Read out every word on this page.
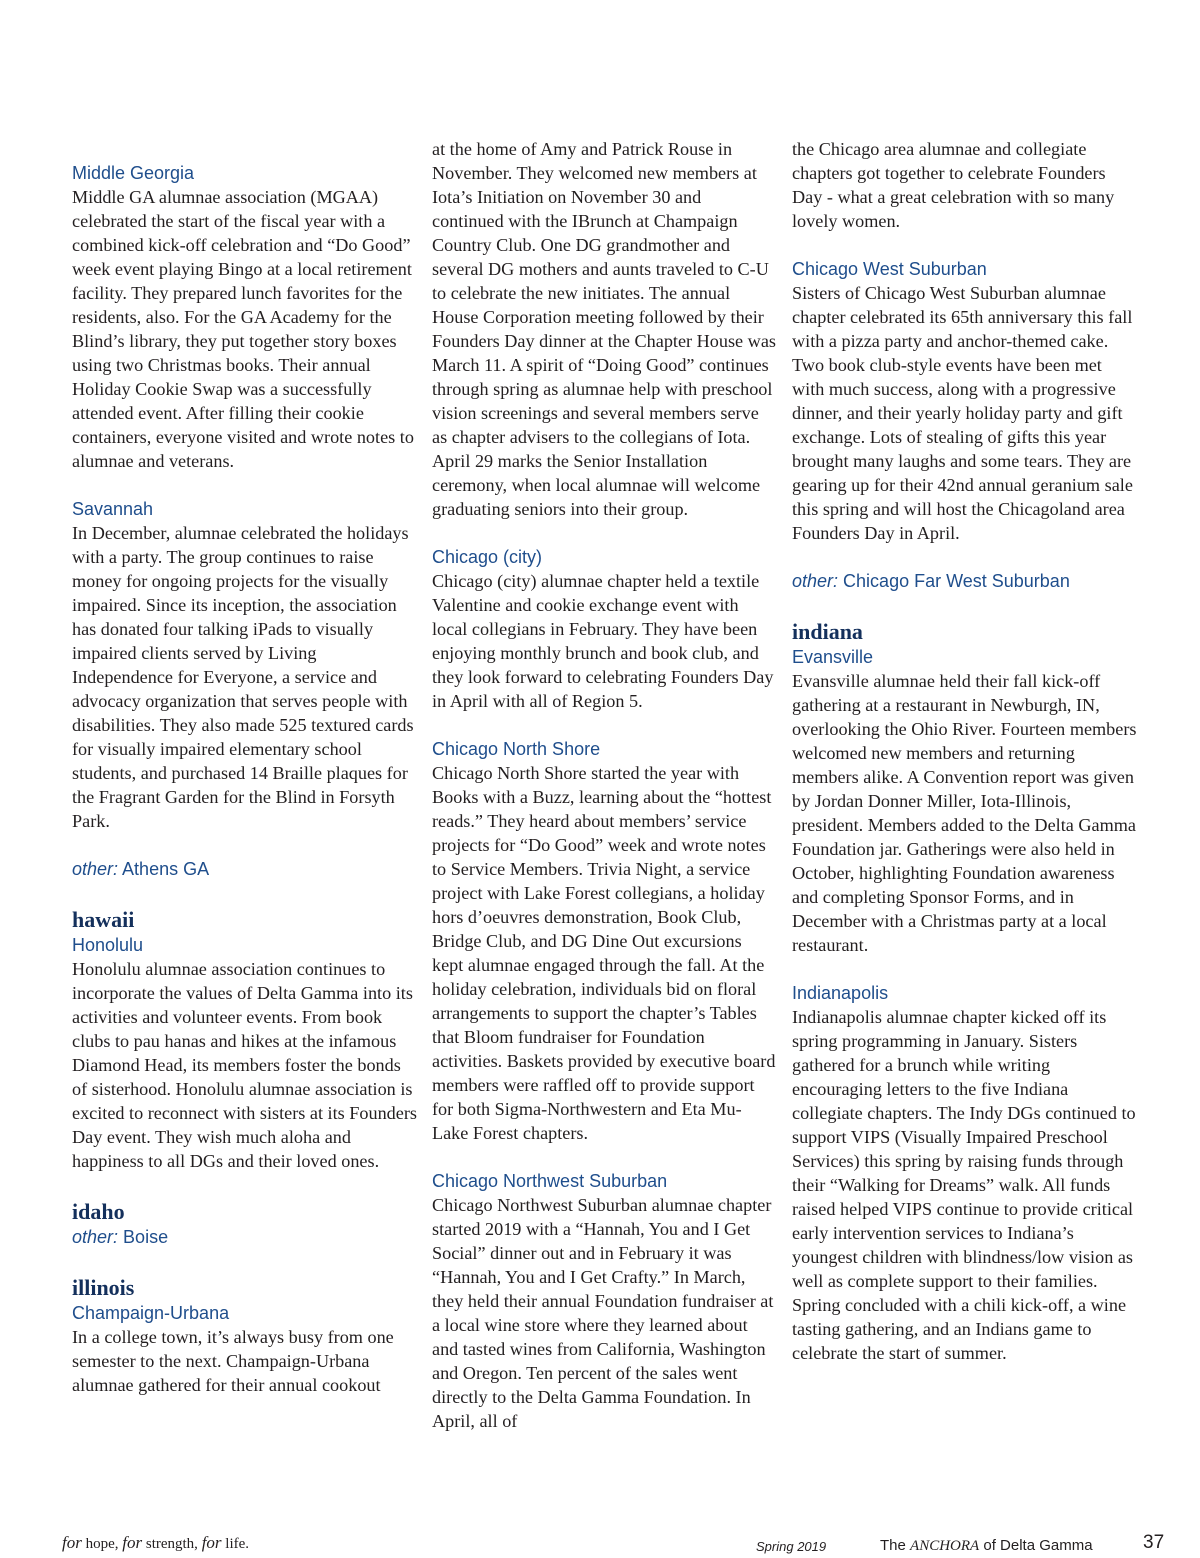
Middle Georgia

Middle GA alumnae association (MGAA) celebrated the start of the fiscal year with a combined kick-off celebration and “Do Good” week event playing Bingo at a local retirement facility. They prepared lunch favorites for the residents, also. For the GA Academy for the Blind’s library, they put together story boxes using two Christmas books. Their annual Holiday Cookie Swap was a successfully attended event. After filling their cookie containers, everyone visited and wrote notes to alumnae and veterans.

Savannah

In December, alumnae celebrated the holidays with a party. The group continues to raise money for ongoing projects for the visually impaired. Since its inception, the association has donated four talking iPads to visually impaired clients served by Living Independence for Everyone, a service and advocacy organization that serves people with disabilities. They also made 525 textured cards for visually impaired elementary school students, and purchased 14 Braille plaques for the Fragrant Garden for the Blind in Forsyth Park.

other: Athens GA
hawaii
Honolulu

Honolulu alumnae association continues to incorporate the values of Delta Gamma into its activities and volunteer events. From book clubs to pau hanas and hikes at the infamous Diamond Head, its members foster the bonds of sisterhood. Honolulu alumnae association is excited to reconnect with sisters at its Founders Day event. They wish much aloha and happiness to all DGs and their loved ones.

idaho
other: Boise
illinois
Champaign-Urbana

In a college town, it’s always busy from one semester to the next. Champaign-Urbana alumnae gathered for their annual cookout

at the home of Amy and Patrick Rouse in November. They welcomed new members at Iota’s Initiation on November 30 and continued with the IBrunch at Champaign Country Club. One DG grandmother and several DG mothers and aunts traveled to C-U to celebrate the new initiates. The annual House Corporation meeting followed by their Founders Day dinner at the Chapter House was March 11. A spirit of “Doing Good” continues through spring as alumnae help with preschool vision screenings and several members serve as chapter advisers to the collegians of Iota. April 29 marks the Senior Installation ceremony, when local alumnae will welcome graduating seniors into their group.

Chicago (city)

Chicago (city) alumnae chapter held a textile Valentine and cookie exchange event with local collegians in February. They have been enjoying monthly brunch and book club, and they look forward to celebrating Founders Day in April with all of Region 5.

Chicago North Shore

Chicago North Shore started the year with Books with a Buzz, learning about the “hottest reads.” They heard about members’ service projects for “Do Good” week and wrote notes to Service Members. Trivia Night, a service project with Lake Forest collegians, a holiday hors d’oeuvres demonstration, Book Club, Bridge Club, and DG Dine Out excursions kept alumnae engaged through the fall. At the holiday celebration, individuals bid on floral arrangements to support the chapter’s Tables that Bloom fundraiser for Foundation activities. Baskets provided by executive board members were raffled off to provide support for both Sigma-Northwestern and Eta Mu-Lake Forest chapters.

Chicago Northwest Suburban

Chicago Northwest Suburban alumnae chapter started 2019 with a “Hannah, You and I Get Social” dinner out and in February it was “Hannah, You and I Get Crafty.” In March, they held their annual Foundation fundraiser at a local wine store where they learned about and tasted wines from California, Washington and Oregon. Ten percent of the sales went directly to the Delta Gamma Foundation. In April, all of

the Chicago area alumnae and collegiate chapters got together to celebrate Founders Day - what a great celebration with so many lovely women.

Chicago West Suburban

Sisters of Chicago West Suburban alumnae chapter celebrated its 65th anniversary this fall with a pizza party and anchor-themed cake. Two book club-style events have been met with much success, along with a progressive dinner, and their yearly holiday party and gift exchange. Lots of stealing of gifts this year brought many laughs and some tears. They are gearing up for their 42nd annual geranium sale this spring and will host the Chicagoland area Founders Day in April.

other: Chicago Far West Suburban
indiana
Evansville

Evansville alumnae held their fall kick-off gathering at a restaurant in Newburgh, IN, overlooking the Ohio River. Fourteen members welcomed new members and returning members alike. A Convention report was given by Jordan Donner Miller, Iota-Illinois, president. Members added to the Delta Gamma Foundation jar. Gatherings were also held in October, highlighting Foundation awareness and completing Sponsor Forms, and in December with a Christmas party at a local restaurant.

Indianapolis

Indianapolis alumnae chapter kicked off its spring programming in January. Sisters gathered for a brunch while writing encouraging letters to the five Indiana collegiate chapters. The Indy DGs continued to support VIPS (Visually Impaired Preschool Services) this spring by raising funds through their “Walking for Dreams” walk. All funds raised helped VIPS continue to provide critical early intervention services to Indiana’s youngest children with blindness/low vision as well as complete support to their families. Spring concluded with a chili kick-off, a wine tasting gathering, and an Indians game to celebrate the start of summer.

for hope, for strength, for life.	Spring 2019	The ANCHORA of Delta Gamma	37
